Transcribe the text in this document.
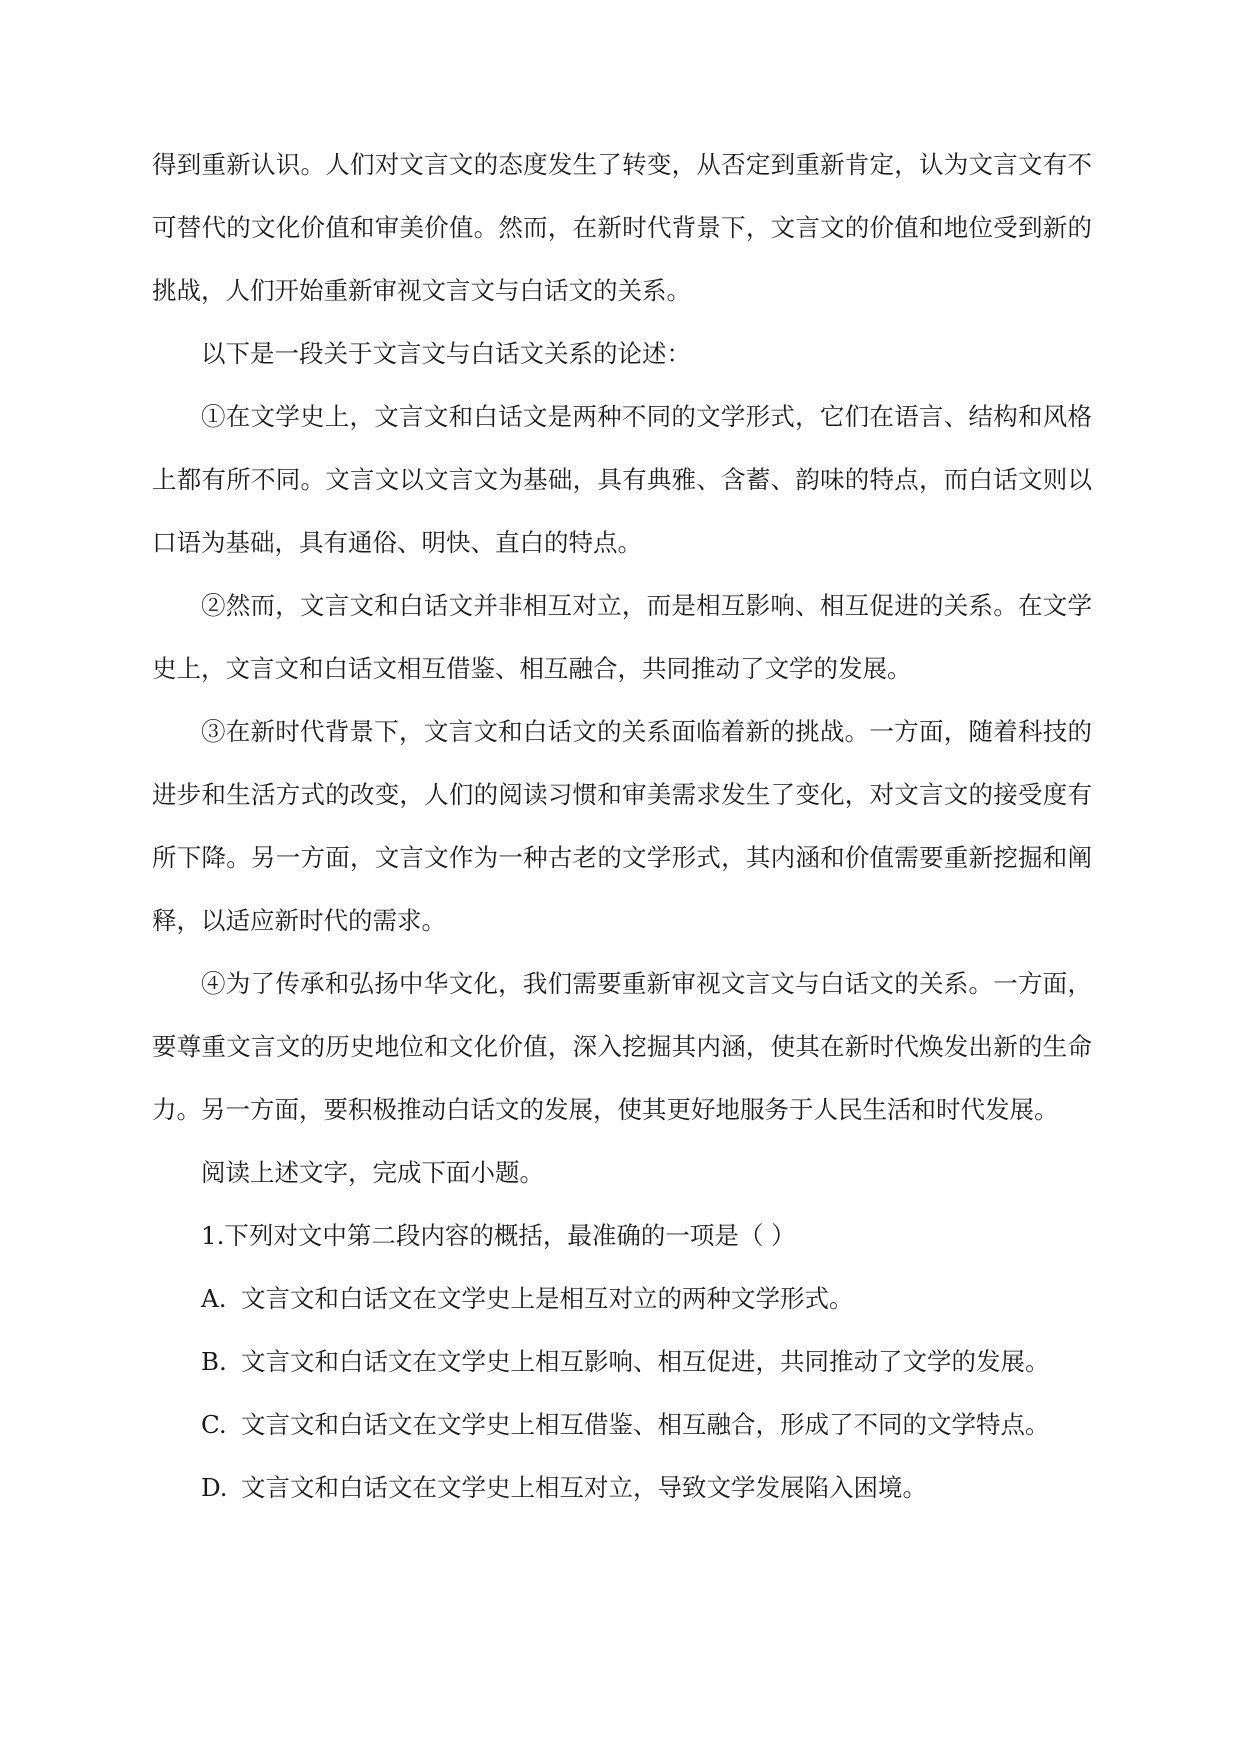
得到重新认识。人们对文言文的态度发生了转变，从否定到重新肯定，认为文言文有不可替代的文化价值和审美价值。然而，在新时代背景下，文言文的价值和地位受到新的挑战，人们开始重新审视文言文与白话文的关系。

以下是一段关于文言文与白话文关系的论述：

①在文学史上，文言文和白话文是两种不同的文学形式，它们在语言、结构和风格上都有所不同。文言文以文言文为基础，具有典雅、含蓄、韵味的特点，而白话文则以口语为基础，具有通俗、明快、直白的特点。

②然而，文言文和白话文并非相互对立，而是相互影响、相互促进的关系。在文学史上，文言文和白话文相互借鉴、相互融合，共同推动了文学的发展。

③在新时代背景下，文言文和白话文的关系面临着新的挑战。一方面，随着科技的进步和生活方式的改变，人们的阅读习惯和审美需求发生了变化，对文言文的接受度有所下降。另一方面，文言文作为一种古老的文学形式，其内涵和价值需要重新挖掘和阐释，以适应新时代的需求。

④为了传承和弘扬中华文化，我们需要重新审视文言文与白话文的关系。一方面，要尊重文言文的历史地位和文化价值，深入挖掘其内涵，使其在新时代焕发出新的生命力。另一方面，要积极推动白话文的发展，使其更好地服务于人民生活和时代发展。

阅读上述文字，完成下面小题。

1.下列对文中第二段内容的概括，最准确的一项是（ ）

A. 文言文和白话文在文学史上是相互对立的两种文学形式。

B. 文言文和白话文在文学史上相互影响、相互促进，共同推动了文学的发展。

C. 文言文和白话文在文学史上相互借鉴、相互融合，形成了不同的文学特点。

D. 文言文和白话文在文学史上相互对立，导致文学发展陷入困境。
